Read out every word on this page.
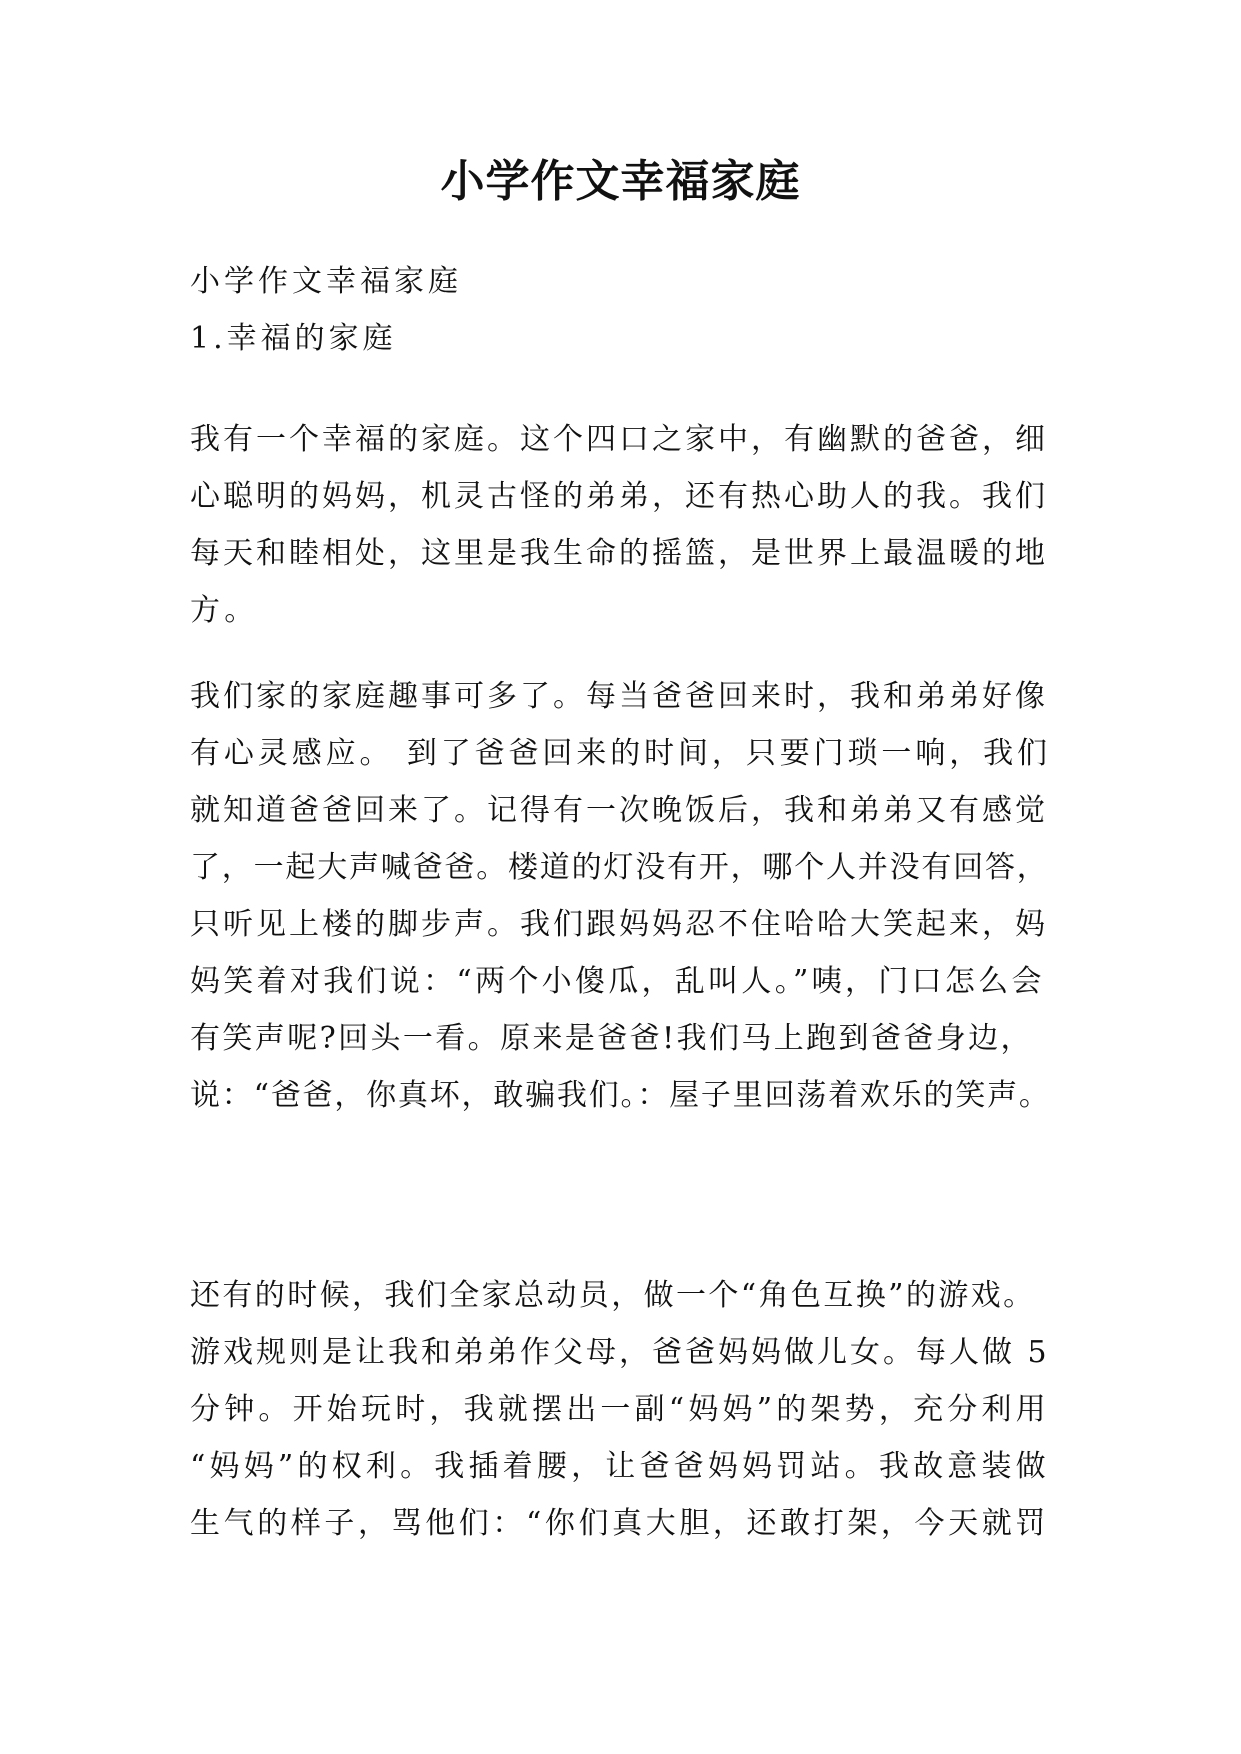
小学作文幸福家庭

小学作文幸福家庭

1.幸福的家庭

我有一个幸福的家庭。这个四口之家中，有幽默的爸爸，细
心聪明的妈妈，机灵古怪的弟弟，还有热心助人的我。我们
每天和睦相处，这里是我生命的摇篮，是世界上最温暖的地
方。
我们家的家庭趣事可多了。每当爸爸回来时，我和弟弟好像
有心灵感应。 到了爸爸回来的时间，只要门琐一响，我们
就知道爸爸回来了。记得有一次晚饭后，我和弟弟又有感觉
了，一起大声喊爸爸。楼道的灯没有开，哪个人并没有回答，
只听见上楼的脚步声。我们跟妈妈忍不住哈哈大笑起来，妈
妈笑着对我们说：“两个小傻瓜，乱叫人。”咦，门口怎么会
有笑声呢?回头一看。原来是爸爸!我们马上跑到爸爸身边，
说：“爸爸，你真坏，敢骗我们。：屋子里回荡着欢乐的笑声。
还有的时候，我们全家总动员，做一个“角色互换”的游戏。
游戏规则是让我和弟弟作父母，爸爸妈妈做儿女。每人做 5
分钟。开始玩时，我就摆出一副“妈妈”的架势，充分利用
“妈妈”的权利。我插着腰，让爸爸妈妈罚站。我故意装做
生气的样子，骂他们：“你们真大胆，还敢打架，今天就罚
